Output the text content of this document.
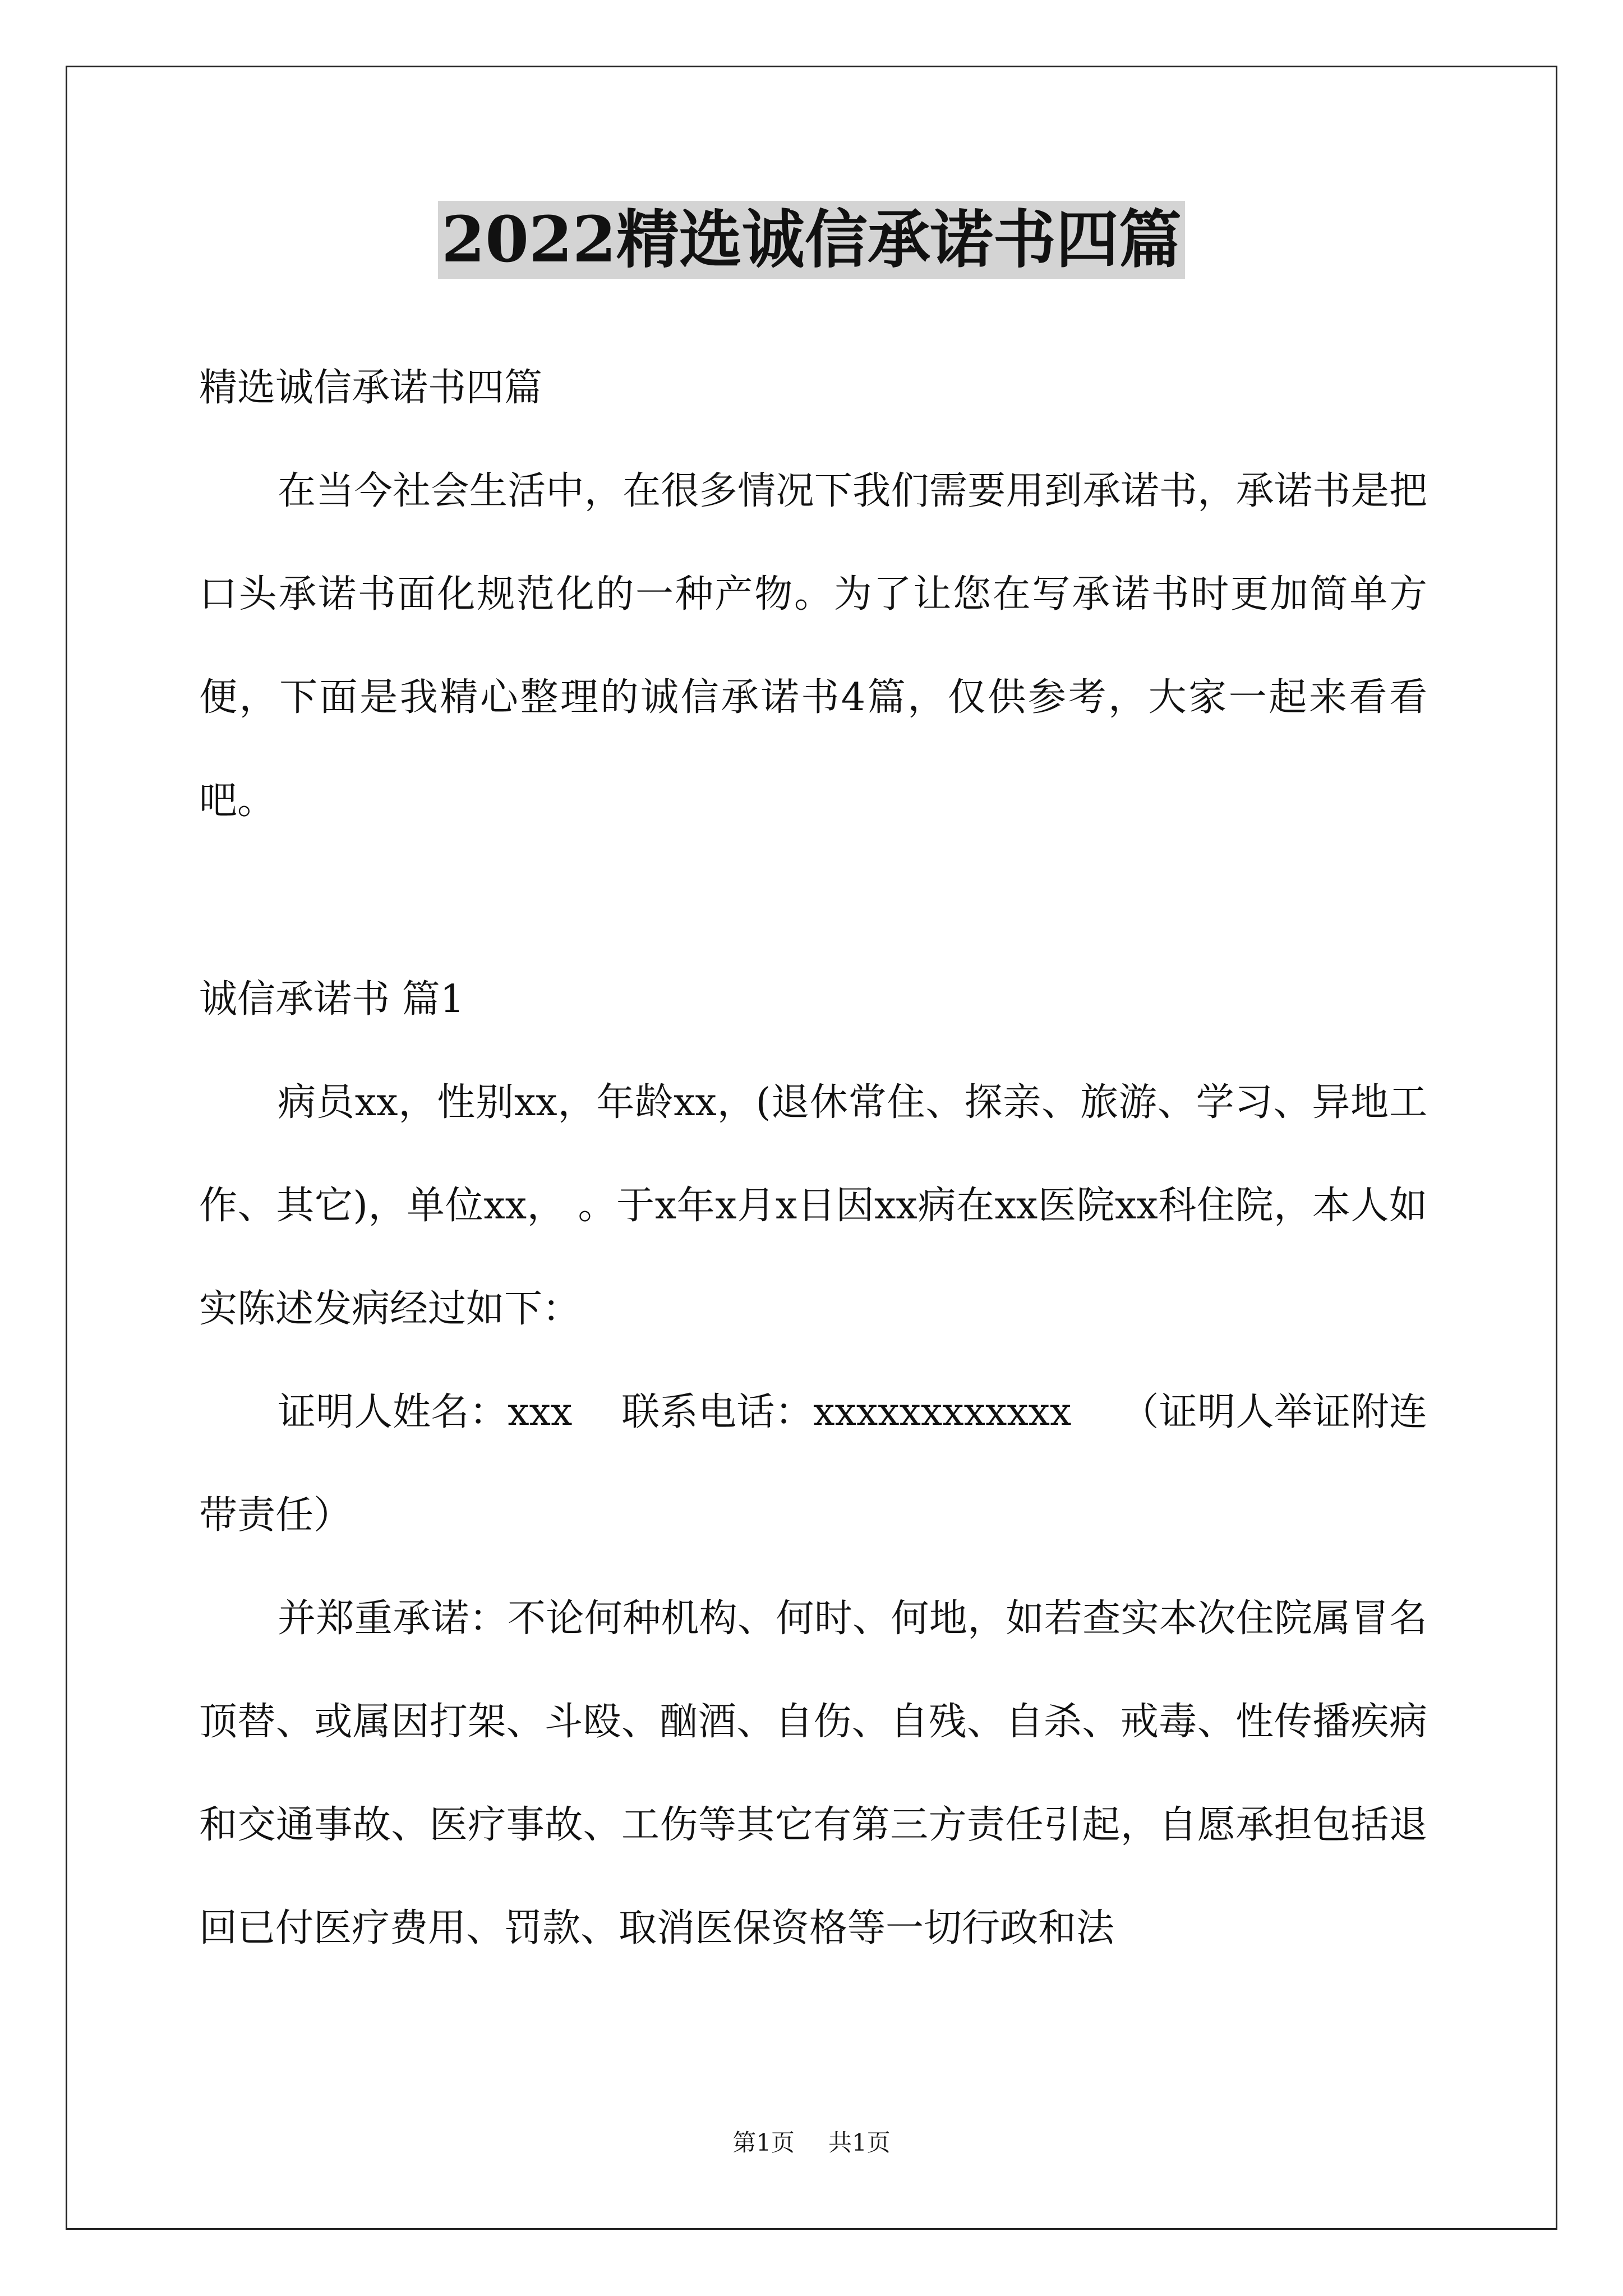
2022精选诚信承诺书四篇

精选诚信承诺书四篇

在当今社会生活中，在很多情况下我们需要用到承诺书，承诺书是把口头承诺书面化规范化的一种产物。为了让您在写承诺书时更加简单方便，下面是我精心整理的诚信承诺书4篇，仅供参考，大家一起来看看吧。

诚信承诺书 篇1

病员xx，性别xx，年龄xx，(退休常住、探亲、旅游、学习、异地工作、其它)，单位xx， 。于x年x月x日因xx病在xx医院xx科住院，本人如实陈述发病经过如下：

证明人姓名：xxx    联系电话：xxxxxxxxxxxx    （证明人举证附连带责任）

并郑重承诺：不论何种机构、何时、何地，如若查实本次住院属冒名顶替、或属因打架、斗殴、酗酒、自伤、自残、自杀、戒毒、性传播疾病和交通事故、医疗事故、工伤等其它有第三方责任引起，自愿承担包括退回已付医疗费用、罚款、取消医保资格等一切行政和法

第1页 共1页
